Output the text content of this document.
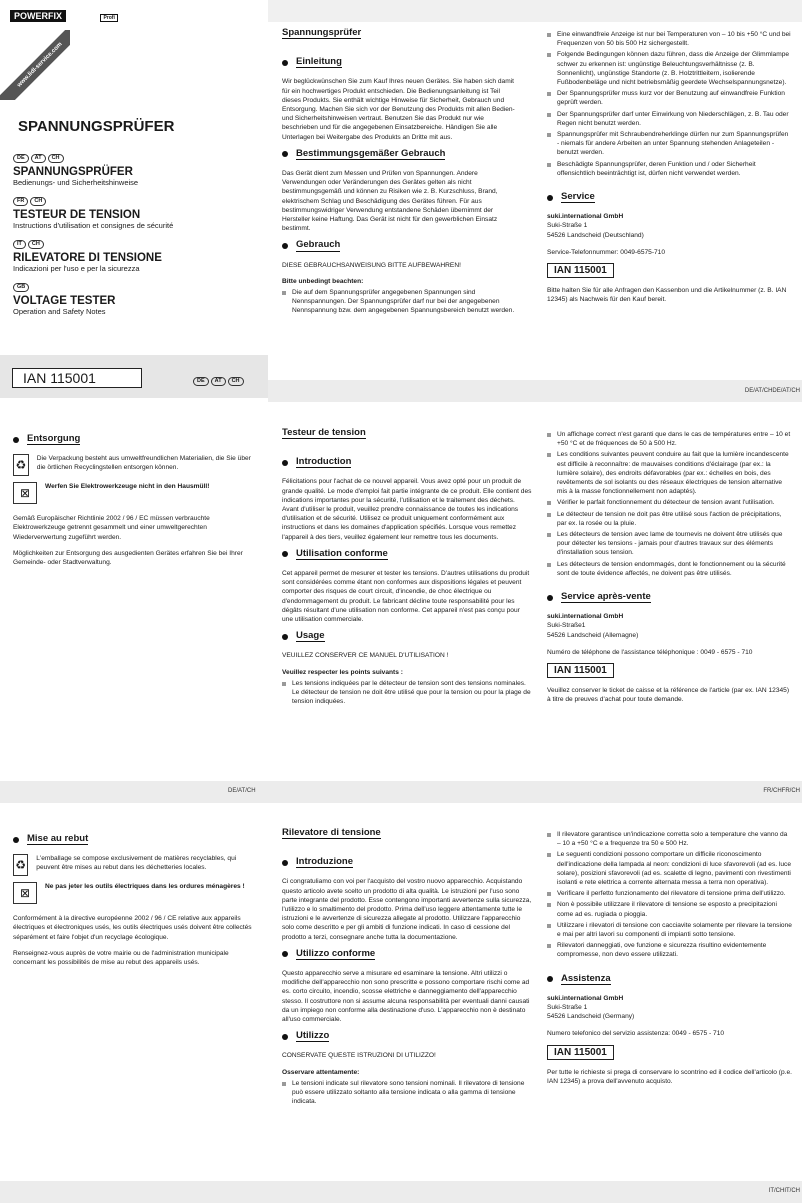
POWERFIX	Profi
www.lidl-service.com
SPANNUNGSPRÜFER
DE	AT	CH

SPANNUNGSPRÜFER

Bedienungs- und Sicherheitshinweise

FR	CH

TESTEUR DE TENSION

Instructions d'utilisation et consignes de sécurité

IT	CH

RILEVATORE DI TENSIONE

Indicazioni per l'uso e per la sicurezza

GB

VOLTAGE TESTER

Operation and Safety Notes

IAN 115001	DE	AT	CH
Spannungsprüfer
Einleitung

Wir beglückwünschen Sie zum Kauf Ihres neuen Gerätes. Sie haben sich damit für ein hochwertiges Produkt entschieden. Die Bedienungsanleitung ist Teil dieses Produkts. Sie enthält wichtige Hinweise für Sicherheit, Gebrauch und Entsorgung. Machen Sie sich vor der Benutzung des Produkts mit allen Bedien- und Sicherheitshinweisen vertraut. Benutzen Sie das Produkt nur wie beschrieben und für die angegebenen Einsatzbereiche. Händigen Sie alle Unterlagen bei Weitergabe des Produkts an Dritte mit aus.

Bestimmungsgemäßer Gebrauch

Das Gerät dient zum Messen und Prüfen von Spannungen. Andere Verwendungen oder Veränderungen des Gerätes gelten als nicht bestimmungsgemäß und können zu Risiken wie z. B. Kurzschluss, Brand, elektrischem Schlag und Beschädigung des Gerätes führen. Für aus bestimmungswidriger Verwendung entstandene Schäden übernimmt der Hersteller keine Haftung. Das Gerät ist nicht für den gewerblichen Einsatz bestimmt.

Gebrauch

DIESE GEBRAUCHSANWEISUNG BITTE AUFBEWAHREN!

Bitte unbedingt beachten:

Die auf dem Spannungsprüfer angegebenen Spannungen sind Nennspannungen. Der Spannungsprüfer darf nur bei der angegebenen Nennspannung bzw. dem angegebenen Spannungsbereich benutzt werden.
Eine einwandfreie Anzeige ist nur bei Temperaturen von – 10 bis +50 °C und bei Frequenzen von 50 bis 500 Hz sichergestellt.
Folgende Bedingungen können dazu führen, dass die Anzeige der Glimmlampe schwer zu erkennen ist: ungünstige Beleuchtungsverhältnisse (z. B. Sonnenlicht), ungünstige Standorte (z. B. Holztrittleitern, isolierende Fußbodenbeläge und nicht betriebsmäßig geerdete Wechselspannungsnetze).
Der Spannungsprüfer muss kurz vor der Benutzung auf einwandfreie Funktion geprüft werden.
Der Spannungsprüfer darf unter Einwirkung von Niederschlägen, z. B. Tau oder Regen nicht benutzt werden.
Spannungsprüfer mit Schraubendreherklinge dürfen nur zum Spannungsprüfen - niemals für andere Arbeiten an unter Spannung stehenden Anlageteilen - benutzt werden.
Beschädigte Spannungsprüfer, deren Funktion und / oder Sicherheit offensichtlich beeinträchtigt ist, dürfen nicht verwendet werden.
Service
suki.international GmbH
Suki-Straße 1
54526 Landscheid (Deutschland)
Service-Telefonnummer: 0049-6575-710
IAN 115001

Bitte halten Sie für alle Anfragen den Kassenbon und die Artikelnummer (z. B. IAN 12345) als Nachweis für den Kauf bereit.

DE/AT/CHDE/AT/CH
Entsorgung
♻	Die Verpackung besteht aus umweltfreundlichen Materialien, die Sie über die örtlichen Recyclingstellen entsorgen können.
⊠	Werfen Sie Elektrowerkzeuge nicht in den Hausmüll!

Gemäß Europäischer Richtlinie 2002 / 96 / EC müssen verbrauchte Elektrowerkzeuge getrennt gesammelt und einer umweltgerechten Wiederverwertung zugeführt werden.

Möglichkeiten zur Entsorgung des ausgedienten Gerätes erfahren Sie bei Ihrer Gemeinde- oder Stadtverwaltung.

DE/AT/CH
Testeur de tension
Introduction

Félicitations pour l'achat de ce nouvel appareil. Vous avez opté pour un produit de grande qualité. Le mode d'emploi fait partie intégrante de ce produit. Elle contient des indications importantes pour la sécurité, l'utilisation et le traitement des déchets. Avant d'utiliser le produit, veuillez prendre connaissance de toutes les indications d'utilisation et de sécurité. Utilisez ce produit uniquement conformément aux instructions et dans les domaines d'application spécifiés. Lorsque vous remettez l'appareil à des tiers, veuillez également leur remettre tous les documents.

Utilisation conforme

Cet appareil permet de mesurer et tester les tensions. D'autres utilisations du produit sont considérées comme étant non conformes aux dispositions légales et peuvent comporter des risques de court circuit, d'incendie, de choc électrique ou d'endommagement du produit. Le fabricant décline toute responsabilité pour les dégâts résultant d'une utilisation non conforme. Cet appareil n'est pas conçu pour une utilisation commerciale.

Usage

VEUILLEZ CONSERVER CE MANUEL D'UTILISATION !

Veuillez respecter les points suivants :

Les tensions indiquées par le détecteur de tension sont des tensions nominales. Le détecteur de tension ne doit être utilisé que pour la tension ou pour la plage de tension indiquées.
Un affichage correct n'est garanti que dans le cas de températures entre – 10 et +50 °C et de fréquences de 50 à 500 Hz.
Les conditions suivantes peuvent conduire au fait que la lumière incandescente est difficile à reconnaître: de mauvaises conditions d'éclairage (par ex.: la lumière solaire), des endroits défavorables (par ex.: échelles en bois, des revêtements de sol isolants ou des réseaux électriques de tension alternative mis à la masse fonctionnellement non adaptés).
Vérifier le parfait fonctionnement du détecteur de tension avant l'utilisation.
Le détecteur de tension ne doit pas être utilisé sous l'action de précipitations, par ex. la rosée ou la pluie.
Les détecteurs de tension avec lame de tournevis ne doivent être utilisés que pour détecter les tensions - jamais pour d'autres travaux sur des éléments d'installation sous tension.
Les détecteurs de tension endommagés, dont le fonctionnement ou la sécurité sont de toute évidence affectés, ne doivent pas être utilisés.
Service après-vente
suki.international GmbH
Suki-Straße1
54526 Landscheid (Allemagne)
Numéro de téléphone de l'assistance téléphonique : 0049 - 6575 - 710
IAN 115001

Veuillez conserver le ticket de caisse et la référence de l'article (par ex. IAN 12345) à titre de preuves d'achat pour toute demande.

FR/CHFR/CH
Mise au rebut
♻	L'emballage se compose exclusivement de matières recyclables, qui peuvent être mises au rebut dans les déchetteries locales.
⊠	Ne pas jeter les outils électriques dans les ordures ménagères !

Conformément à la directive européenne 2002 / 96 / CE relative aux appareils électriques et électroniques usés, les outils électriques usés doivent être collectés séparément et faire l'objet d'un recyclage écologique.

Renseignez-vous auprès de votre mairie ou de l'administration municipale concernant les possibilités de mise au rebut des appareils usés.

Rilevatore di tensione
Introduzione

Ci congratuliamo con voi per l'acquisto del vostro nuovo apparecchio. Acquistando questo articolo avete scelto un prodotto di alta qualità. Le istruzioni per l'uso sono parte integrante del prodotto. Esse contengono importanti avvertenze sulla sicurezza, l'utilizzo e lo smaltimento del prodotto. Prima dell'uso leggere attentamente tutte le istruzioni e le avvertenze di sicurezza allegate al prodotto. Utilizzare l'apparecchio solo come descritto e per gli ambiti di funzione indicati. In caso di cessione del prodotto a terzi, consegnare anche tutta la documentazione.

Utilizzo conforme

Questo apparecchio serve a misurare ed esaminare la tensione. Altri utilizzi o modifiche dell'apparecchio non sono prescritte e possono comportare rischi come ad es. corto circuito, incendio, scosse elettriche e danneggiamento dell'apparecchio stesso. Il costruttore non si assume alcuna responsabilità per eventuali danni causati da un impiego non conforme alla destinazione d'uso. L'apparecchio non è destinato all'uso commerciale.

Utilizzo

CONSERVATE QUESTE ISTRUZIONI DI UTILIZZO!

Osservare attentamente:

Le tensioni indicate sul rilevatore sono tensioni nominali. Il rilevatore di tensione può essere utilizzato soltanto alla tensione indicata o alla gamma di tensione indicata.
Il rilevatore garantisce un'indicazione corretta solo a temperature che vanno da – 10 a +50 °C e a frequenze tra 50 e 500 Hz.
Le seguenti condizioni possono comportare un difficile riconoscimento dell'indicazione della lampada al neon: condizioni di luce sfavorevoli (ad es. luce solare), posizioni sfavorevoli (ad es. scalette di legno, pavimenti con rivestimenti isolanti e rete elettrica a corrente alternata messa a terra non operativa).
Verificare il perfetto funzionamento del rilevatore di tensione prima dell'utilizzo.
Non è possibile utilizzare il rilevatore di tensione se esposto a precipitazioni come ad es. rugiada o pioggia.
Utilizzare i rilevatori di tensione con cacciavite solamente per rilevare la tensione e mai per altri lavori su componenti di impianti sotto tensione.
Rilevatori danneggiati, ove funzione e sicurezza risultino evidentemente compromesse, non devo essere utilizzati.
Assistenza
suki.international GmbH
Suki-Straße 1
54526 Landscheid (Germany)
Numero telefonico del servizio assistenza: 0049 - 6575 - 710
IAN 115001

Per tutte le richieste si prega di conservare lo scontrino ed il codice dell'articolo (p.e. IAN 12345) a prova dell'avvenuto acquisto.

IT/CHIT/CH
